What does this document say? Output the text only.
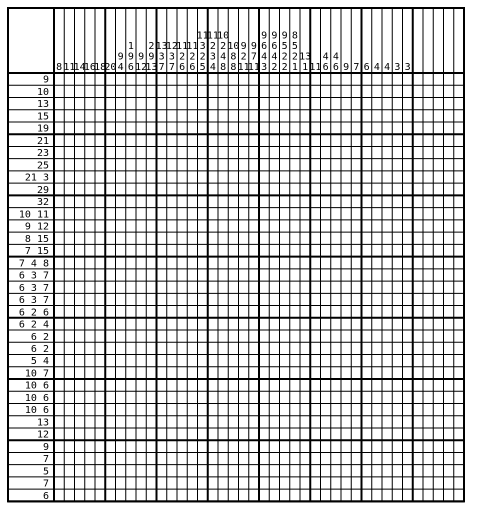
8 11
14
16
18
20
9
4
1
9
6
9
12
2
9
13
13
3
7
12
3
7
11
2
6
11
2
6
11
3
2
5
11
2
3
4
10
2
4
8
10
8
8
9
2
11
9
7
11
9
6
4
3
9
6
4
2
9
5
2
2
8
5
2
1
13
1 11
4
6
4
6 9 7 6 4 4 3 3
9
10
13
15
19
21
23
25
21 3
29
32
10 11
9 12
8 15
7 15
7 4 8
6 3 7
6 3 7
6 3 7
6 2 6
6 2 4
6 2
6 2
5 4
10 7
10 6
10 6
10 6
13
12
9
7
5
7
6
